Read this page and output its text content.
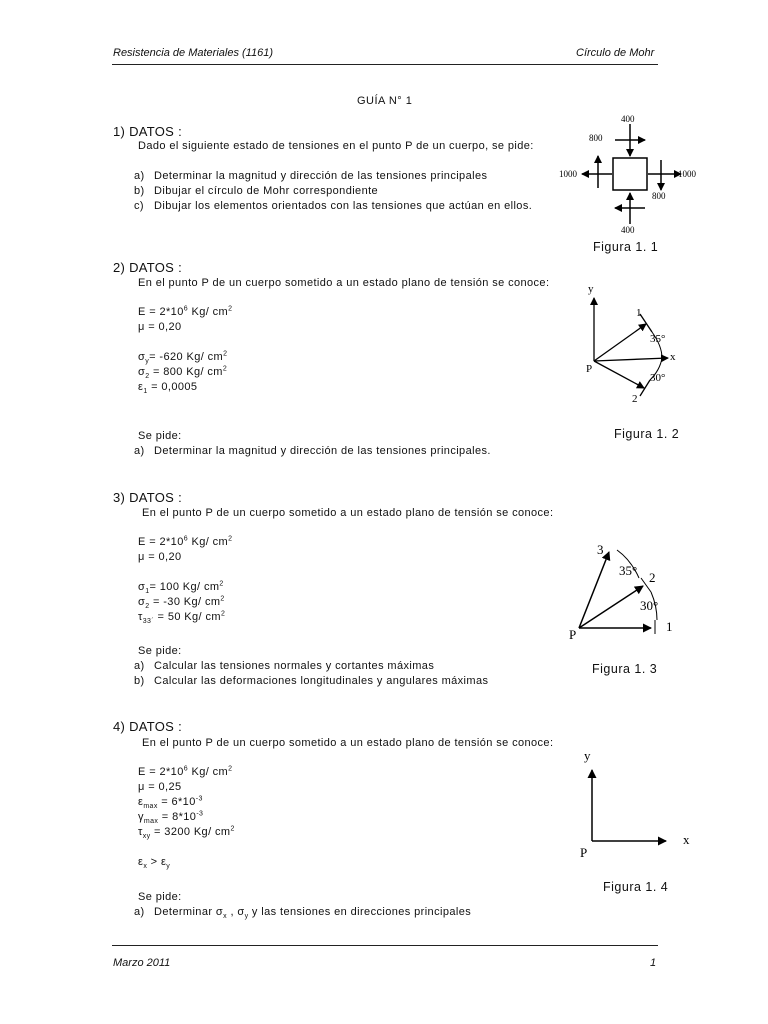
Resistencia de Materiales (1161)	Círculo de Mohr
GUÍA N° 1
1) DATOS :
Dado el siguiente estado de tensiones en el punto P de un cuerpo, se pide:
a) Determinar la magnitud y dirección de las tensiones principales
b) Dibujar el círculo de Mohr correspondiente
c) Dibujar los elementos orientados con las tensiones que actúan en ellos.
400
400
1000	1000
800
800
Figura 1. 1
2) DATOS :
En el punto P de un cuerpo sometido a un estado plano de tensión se conoce:
$E = 2*10^6$ Kg/ $cm^2$
μ = 0,20
$\sigma_y= -620$ Kg/ $cm^2$
$\sigma_2 = 800$ Kg/ $cm^2$
$\varepsilon_1 = 0,0005$
Se pide:
a) Determinar la magnitud y dirección de las tensiones principales.
y
x
P
1
2
35°
30°
Figura 1. 2
3) DATOS :
En el punto P de un cuerpo sometido a un estado plano de tensión se conoce:
$E = 2*10^6$ Kg/ $cm^2$
μ = 0,20
$\sigma_1= 100$ Kg/ $cm^2$
$\sigma_2 = -30$ Kg/ $cm^2$
$\tau_{33´} = 50$ Kg/ $cm^2$
Se pide:
a) Calcular las tensiones normales y cortantes máximas
b) Calcular las deformaciones longitudinales y angulares máximas
3
2
1
P
35°
30°
Figura 1. 3
4) DATOS :
En el punto P de un cuerpo sometido a un estado plano de tensión se conoce:
$E = 2*10^6$ Kg/ $cm^2$
μ = 0,25
$\varepsilon_{max} = 6*10^{-3}$
$\gamma_{max} = 8*10^{-3}$
$\tau_{xy} = 3200$ Kg/ $cm^2$
$\varepsilon_x > \varepsilon_y$
Se pide:
a) Determinar $\sigma_x$ , $\sigma_y$ y las tensiones en direcciones principales
y
x
P
Figura 1. 4
Marzo 2011	1
